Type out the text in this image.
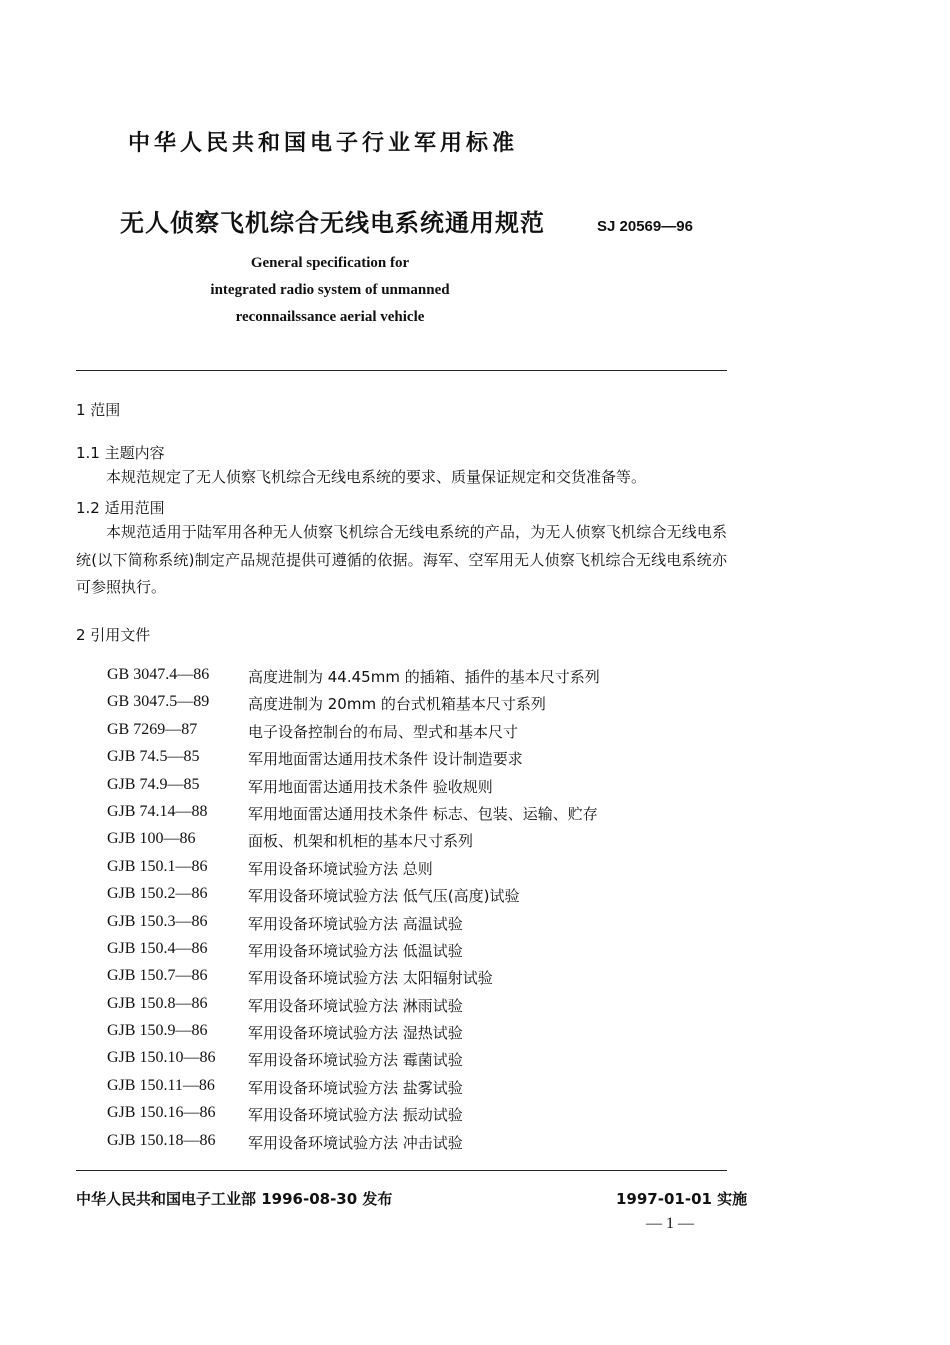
中华人民共和国电子行业军用标准
无人侦察飞机综合无线电系统通用规范	SJ 20569—96
General specification for
integrated radio system of unmanned
reconnailssance aerial vehicle
1 范围
1.1 主题内容
本规范规定了无人侦察飞机综合无线电系统的要求、质量保证规定和交货准备等。
1.2 适用范围
本规范适用于陆军用各种无人侦察飞机综合无线电系统的产品，为无人侦察飞机综合无线电系统(以下简称系统)制定产品规范提供可遵循的依据。海军、空军用无人侦察飞机综合无线电系统亦可参照执行。
2 引用文件
GB 3047.4—86	高度进制为 44.45mm 的插箱、插件的基本尺寸系列
GB 3047.5—89	高度进制为 20mm 的台式机箱基本尺寸系列
GB 7269—87	电子设备控制台的布局、型式和基本尺寸
GJB 74.5—85	军用地面雷达通用技术条件 设计制造要求
GJB 74.9—85	军用地面雷达通用技术条件 验收规则
GJB 74.14—88	军用地面雷达通用技术条件 标志、包装、运输、贮存
GJB 100—86	面板、机架和机柜的基本尺寸系列
GJB 150.1—86	军用设备环境试验方法 总则
GJB 150.2—86	军用设备环境试验方法 低气压(高度)试验
GJB 150.3—86	军用设备环境试验方法 高温试验
GJB 150.4—86	军用设备环境试验方法 低温试验
GJB 150.7—86	军用设备环境试验方法 太阳辐射试验
GJB 150.8—86	军用设备环境试验方法 淋雨试验
GJB 150.9—86	军用设备环境试验方法 湿热试验
GJB 150.10—86 军用设备环境试验方法 霉菌试验
GJB 150.11—86 军用设备环境试验方法 盐雾试验
GJB 150.16—86 军用设备环境试验方法 振动试验
GJB 150.18—86 军用设备环境试验方法 冲击试验
中华人民共和国电子工业部 1996-08-30 发布	1997-01-01 实施
— 1 —
